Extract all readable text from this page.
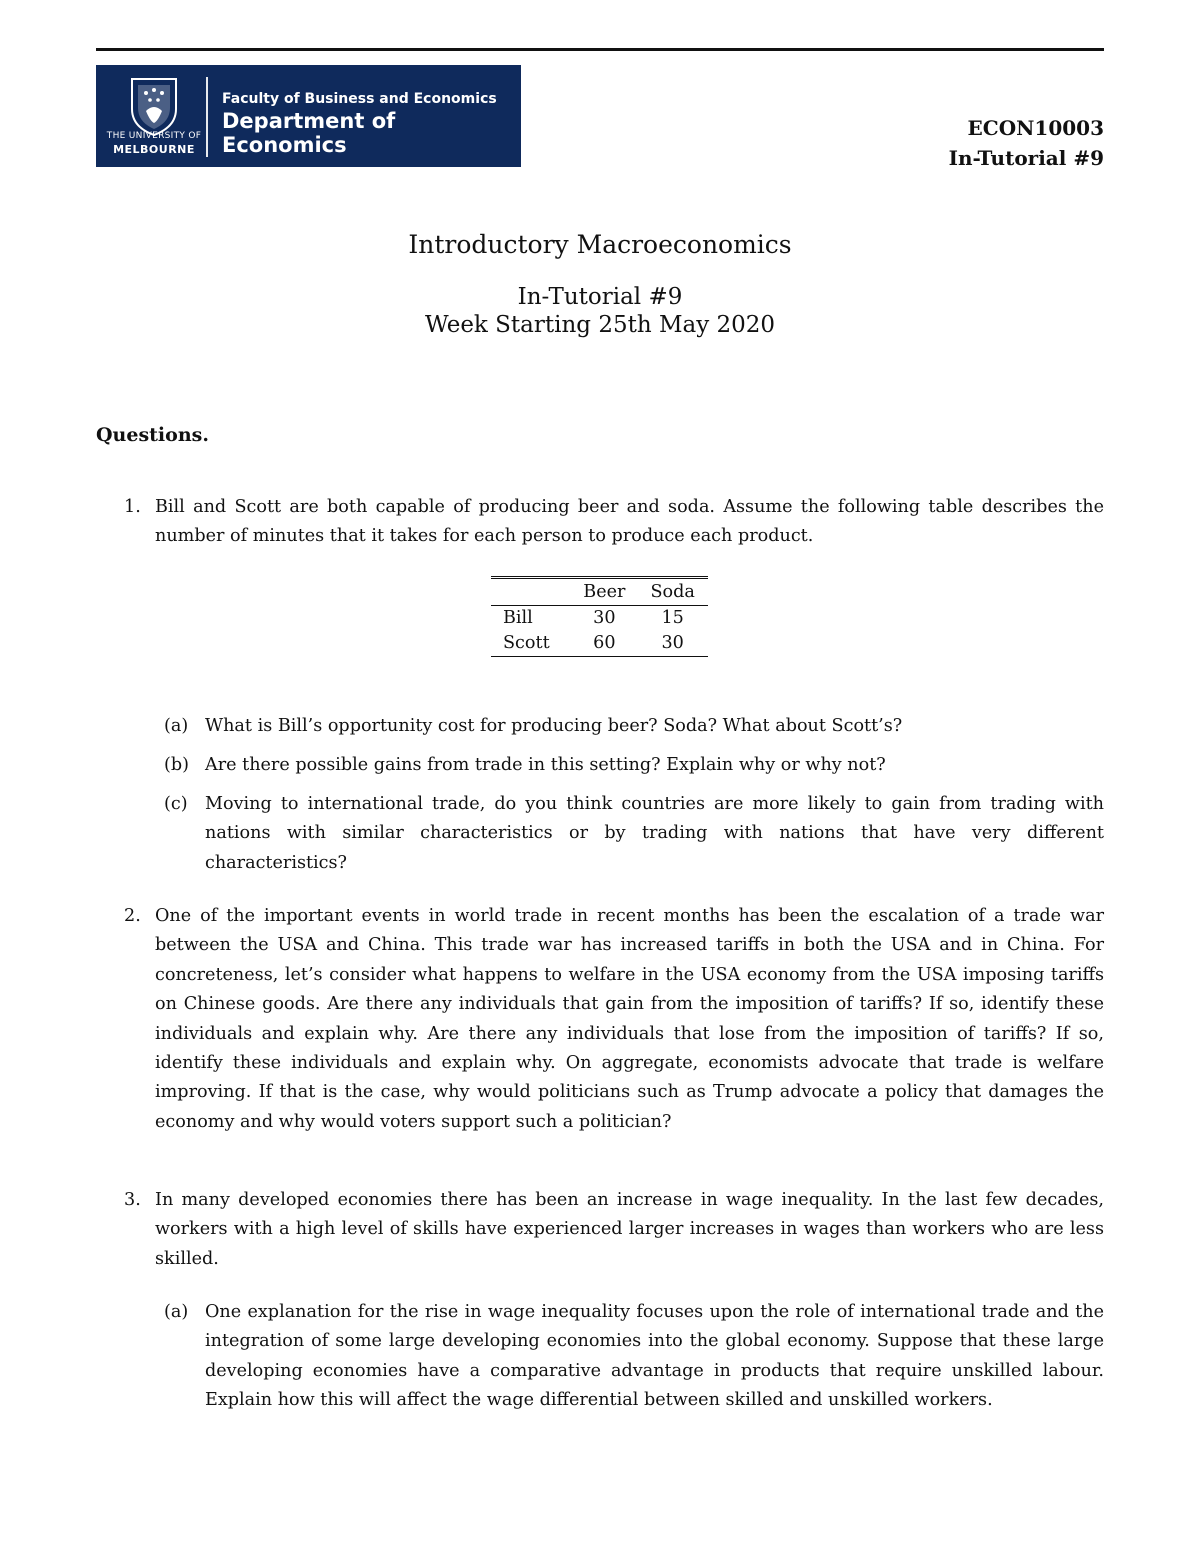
THE UNIVERSITY OF
MELBOURNE
Faculty of Business and Economics
Department of Economics
ECON10003
In-Tutorial #9
Introductory Macroeconomics
In-Tutorial #9
Week Starting 25th May 2020
Questions.
1. Bill and Scott are both capable of producing beer and soda. Assume the following table describes the number of minutes that it takes for each person to produce each product.
	Beer	Soda
Bill	30	15
Scott	60	30
(a) What is Bill’s opportunity cost for producing beer? Soda? What about Scott’s?
(b) Are there possible gains from trade in this setting? Explain why or why not?
(c) Moving to international trade, do you think countries are more likely to gain from trading with nations with similar characteristics or by trading with nations that have very different characteristics?
2. One of the important events in world trade in recent months has been the escalation of a trade war between the USA and China. This trade war has increased tariffs in both the USA and in China. For concreteness, let’s consider what happens to welfare in the USA economy from the USA imposing tariffs on Chinese goods. Are there any individuals that gain from the imposition of tariffs? If so, identify these individuals and explain why. Are there any individuals that lose from the imposition of tariffs? If so, identify these individuals and explain why. On aggregate, economists advocate that trade is welfare improving. If that is the case, why would politicians such as Trump advocate a policy that damages the economy and why would voters support such a politician?
3. In many developed economies there has been an increase in wage inequality. In the last few decades, workers with a high level of skills have experienced larger increases in wages than workers who are less skilled.
(a) One explanation for the rise in wage inequality focuses upon the role of international trade and the integration of some large developing economies into the global economy. Suppose that these large developing economies have a comparative advantage in products that require unskilled labour. Explain how this will affect the wage differential between skilled and unskilled workers.
